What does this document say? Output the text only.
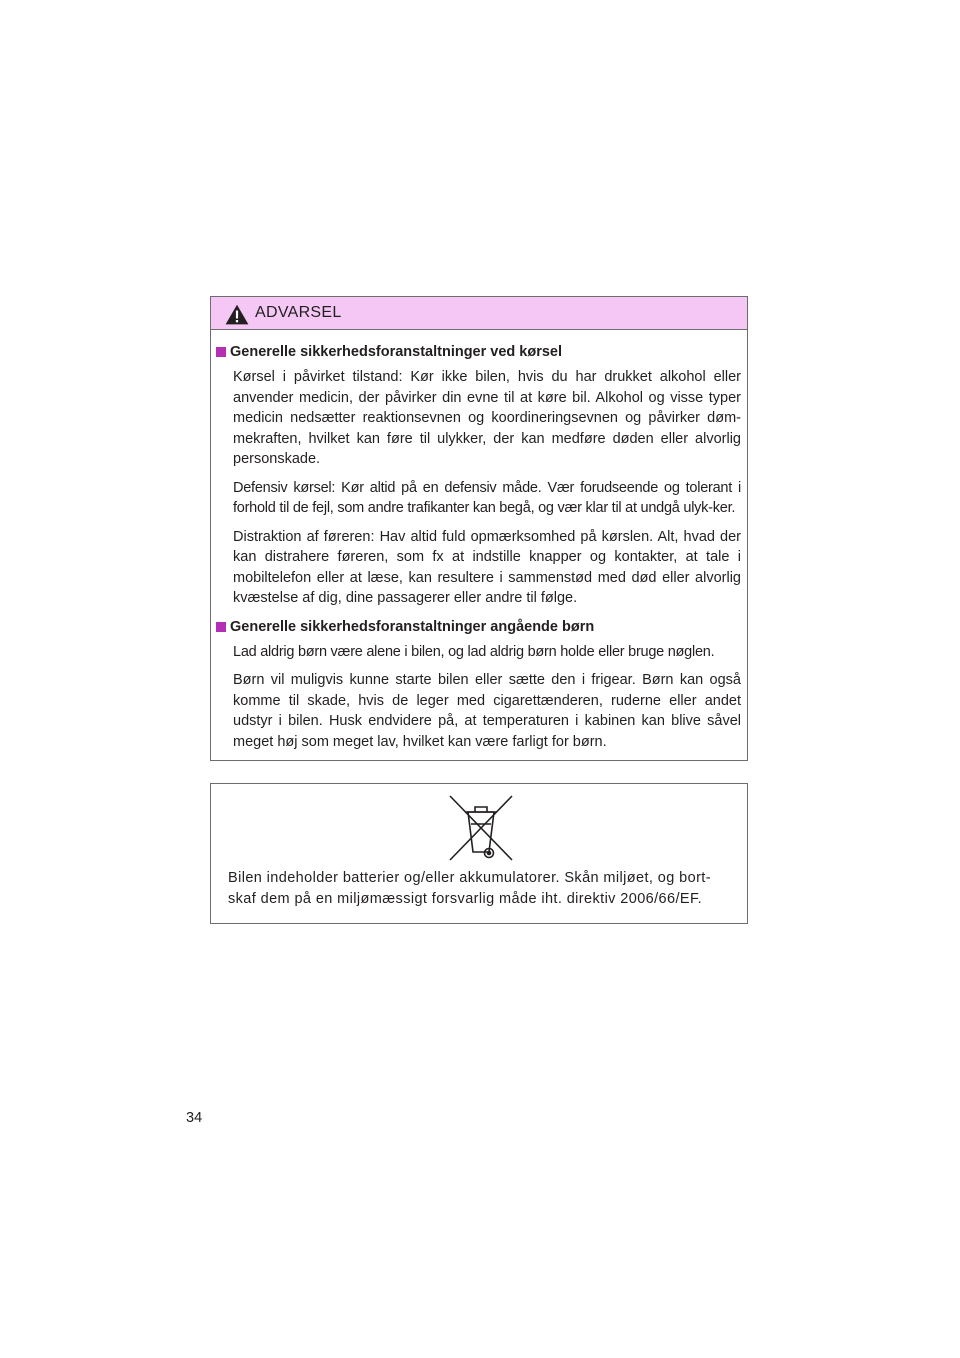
ADVARSEL
Generelle sikkerhedsforanstaltninger ved kørsel

Kørsel i påvirket tilstand: Kør ikke bilen, hvis du har drukket alkohol eller anvender medicin, der påvirker din evne til at køre bil. Alkohol og visse typer medicin nedsætter reaktionsevnen og koordineringsevnen og påvirker døm-mekraften, hvilket kan føre til ulykker, der kan medføre døden eller alvorlig personskade.

Defensiv kørsel: Kør altid på en defensiv måde. Vær forudseende og tolerant i forhold til de fejl, som andre trafikanter kan begå, og vær klar til at undgå ulyk-ker.

Distraktion af føreren: Hav altid fuld opmærksomhed på kørslen. Alt, hvad der kan distrahere føreren, som fx at indstille knapper og kontakter, at tale i mobiltelefon eller at læse, kan resultere i sammenstød med død eller alvorlig kvæstelse af dig, dine passagerer eller andre til følge.

Generelle sikkerhedsforanstaltninger angående børn

Lad aldrig børn være alene i bilen, og lad aldrig børn holde eller bruge nøglen.

Børn vil muligvis kunne starte bilen eller sætte den i frigear. Børn kan også komme til skade, hvis de leger med cigarettænderen, ruderne eller andet udstyr i bilen. Husk endvidere på, at temperaturen i kabinen kan blive såvel meget høj som meget lav, hvilket kan være farligt for børn.

Bilen indeholder batterier og/eller akkumulatorer. Skån miljøet, og bort-
skaf dem på en miljømæssigt forsvarlig måde iht. direktiv 2006/66/EF.
34
